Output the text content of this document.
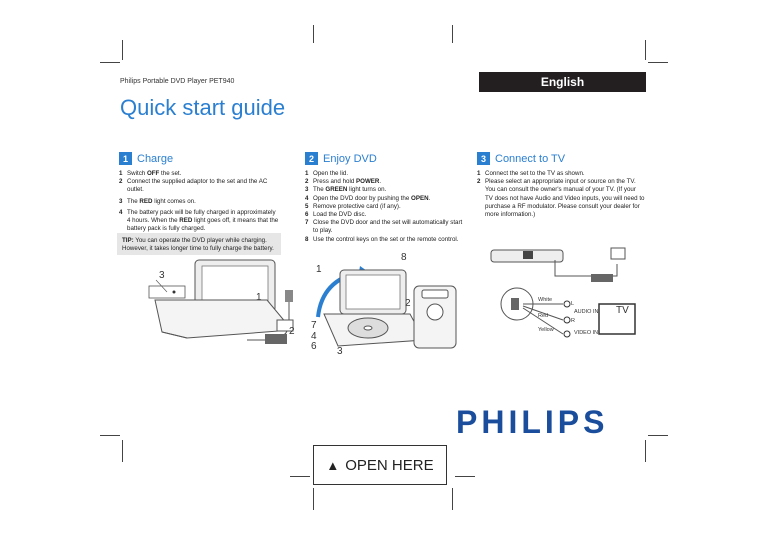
Philips Portable DVD Player PET940	English
Quick start guide
1 Charge
1 Switch OFF the set.
2 Connect the supplied adaptor to the set and the AC outlet.
3 The RED light comes on.
4 The battery pack will be fully charged in approximately 4 hours. When the RED light goes off, it means that the battery pack is fully charged.
TIP: You can operate the DVD player while charging. However, it takes longer time to fully charge the battery.
2 Enjoy DVD
1 Open the lid.
2 Press and hold POWER.
3 The GREEN light turns on.
4 Open the DVD door by pushing the OPEN.
5 Remove protective card (if any).
6 Load the DVD disc.
7 Close the DVD door and the set will automatically start to play.
8 Use the control keys on the set or the remote control.
3 Connect to TV
1 Connect the set to the TV as shown.
2 Please select an appropriate input or source on the TV. You can consult the owner's manual of your TV. (If your TV does not have Audio and Video inputs, you will need to purchase a RF modulator. Please consult your dealer for more information.)
3
1
2
1
2
7
4
6 3
8
White
Red
Yellow
L
AUDIO IN
R
VIDEO IN
TV
PHILIPS
▲ OPEN HERE
